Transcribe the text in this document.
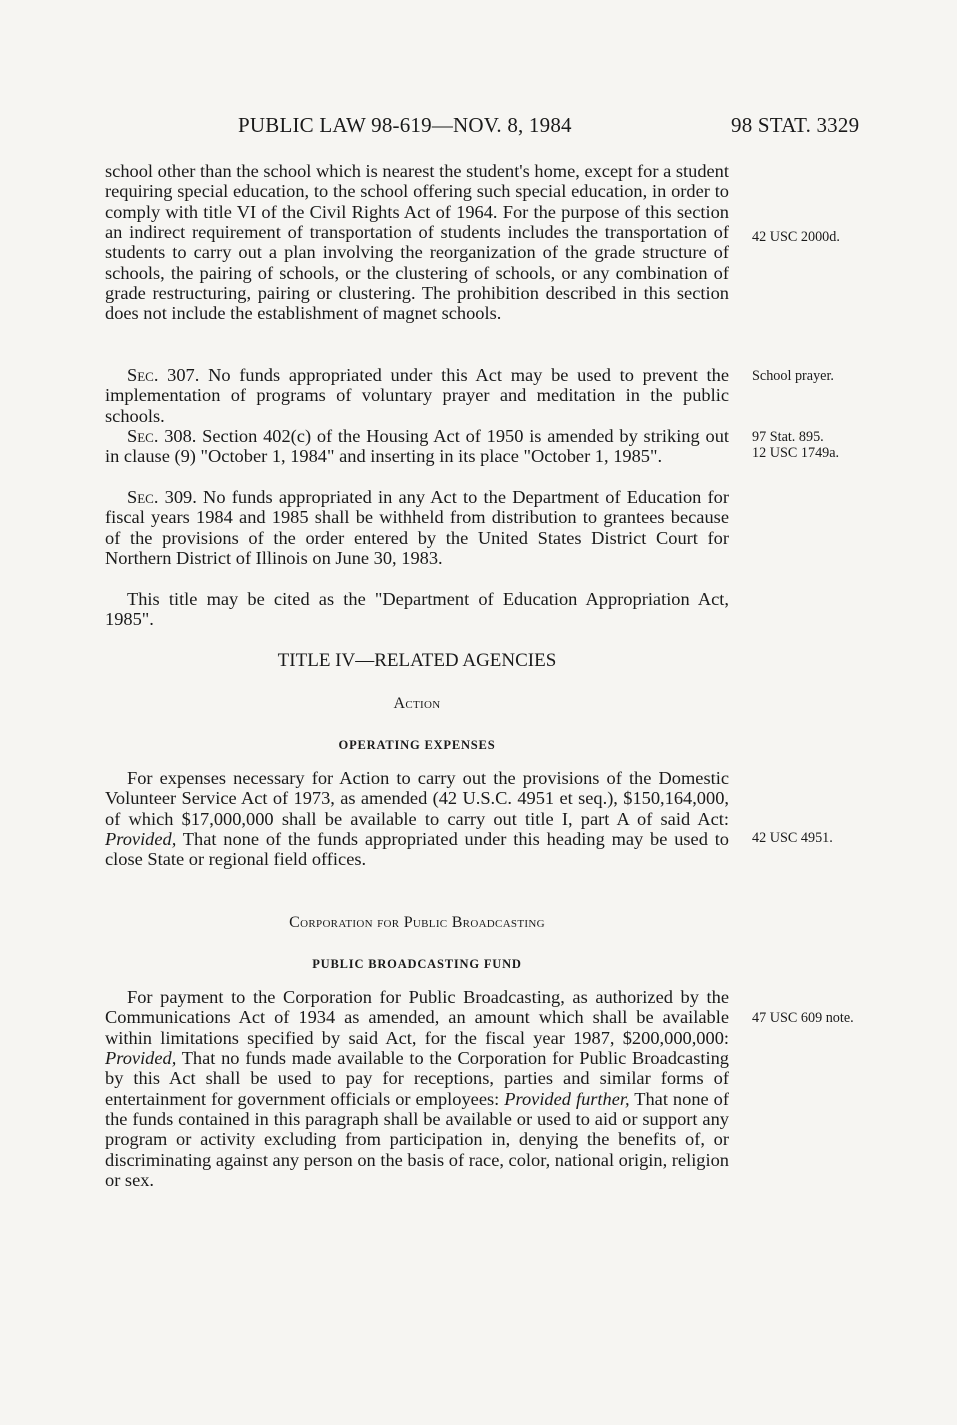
PUBLIC LAW 98-619—NOV. 8, 1984	98 STAT. 3329

school other than the school which is nearest the student's home, except for a student requiring special education, to the school offering such special education, in order to comply with title VI of the Civil Rights Act of 1964. For the purpose of this section an indirect requirement of transportation of students includes the transportation of students to carry out a plan involving the reorganization of the grade structure of schools, the pairing of schools, or the clustering of schools, or any combination of grade restructuring, pairing or clustering. The prohibition described in this section does not include the establishment of magnet schools.

Sec. 307. No funds appropriated under this Act may be used to prevent the implementation of programs of voluntary prayer and meditation in the public schools.

Sec. 308. Section 402(c) of the Housing Act of 1950 is amended by striking out in clause (9) "October 1, 1984" and inserting in its place "October 1, 1985".

Sec. 309. No funds appropriated in any Act to the Department of Education for fiscal years 1984 and 1985 shall be withheld from distribution to grantees because of the provisions of the order entered by the United States District Court for Northern District of Illinois on June 30, 1983.

This title may be cited as the "Department of Education Appropriation Act, 1985".

TITLE IV—RELATED AGENCIES
Action
OPERATING EXPENSES

For expenses necessary for Action to carry out the provisions of the Domestic Volunteer Service Act of 1973, as amended (42 U.S.C. 4951 et seq.), $150,164,000, of which $17,000,000 shall be available to carry out title I, part A of said Act: Provided, That none of the funds appropriated under this heading may be used to close State or regional field offices.

Corporation for Public Broadcasting
PUBLIC BROADCASTING FUND

For payment to the Corporation for Public Broadcasting, as authorized by the Communications Act of 1934 as amended, an amount which shall be available within limitations specified by said Act, for the fiscal year 1987, $200,000,000: Provided, That no funds made available to the Corporation for Public Broadcasting by this Act shall be used to pay for receptions, parties and similar forms of entertainment for government officials or employees: Provided further, That none of the funds contained in this paragraph shall be available or used to aid or support any program or activity excluding from participation in, denying the benefits of, or discriminating against any person on the basis of race, color, national origin, religion or sex.

42 USC 2000d.
School prayer.
97 Stat. 895.
12 USC 1749a.
42 USC 4951.
47 USC 609 note.
